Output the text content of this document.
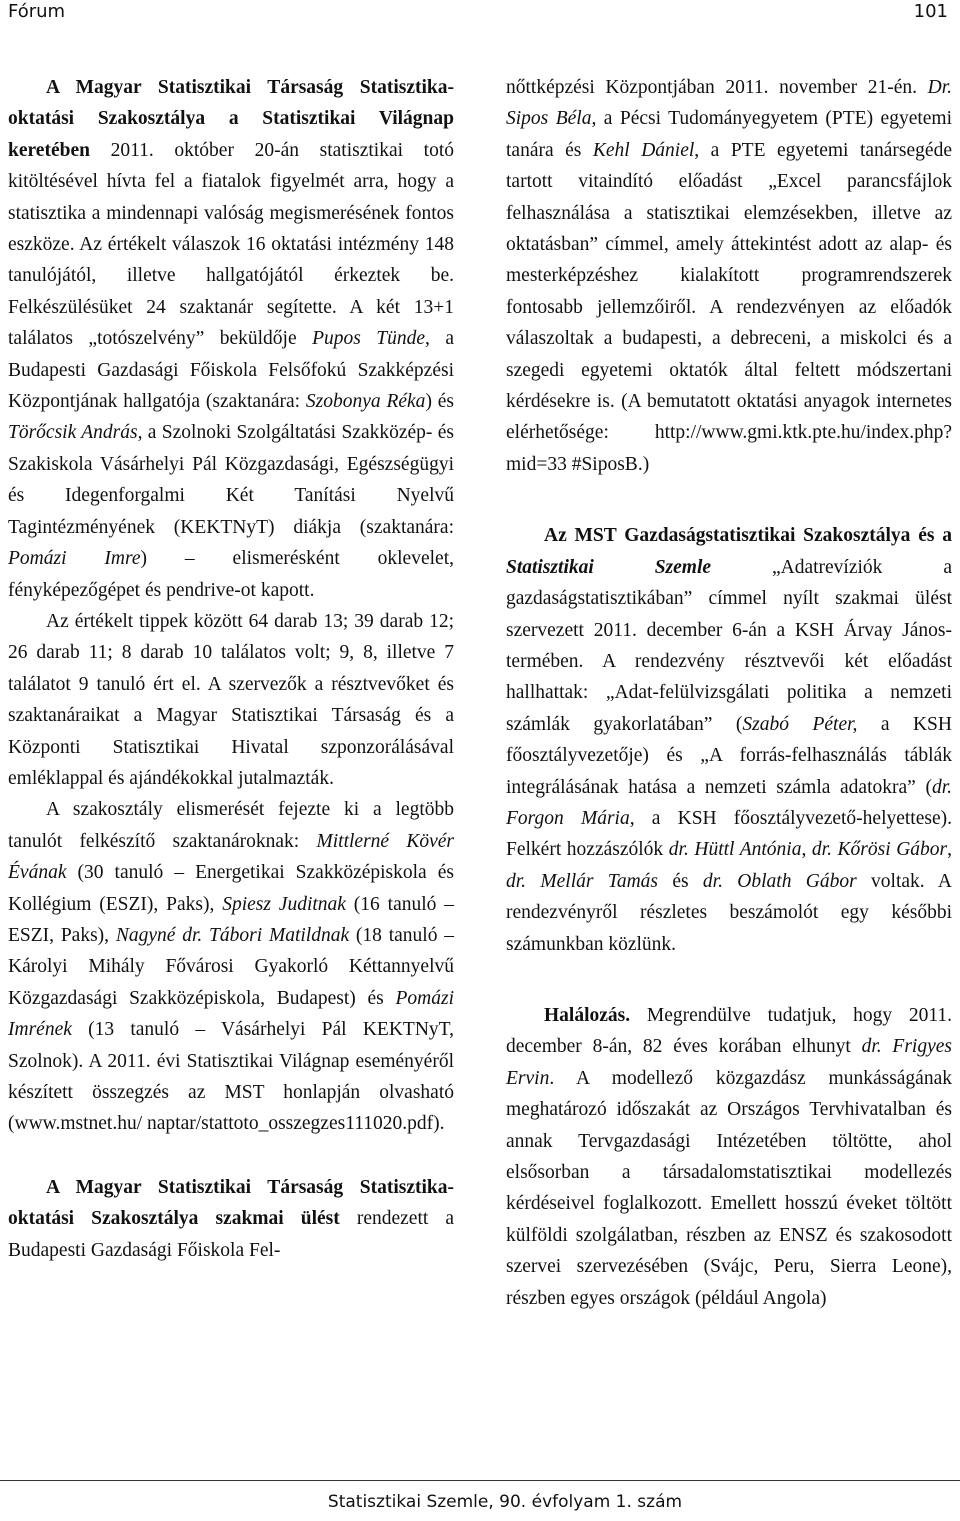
Fórum	101

A Magyar Statisztikai Társaság Statisztika-oktatási Szakosztálya a Statisztikai Világnap keretében 2011. október 20-án statisztikai totó kitöltésével hívta fel a fiatalok figyelmét arra, hogy a statisztika a mindennapi valóság megismerésének fontos eszköze. Az értékelt válaszok 16 oktatási intézmény 148 tanulójától, illetve hallgatójától érkeztek be. Felkészülésüket 24 szaktanár segítette. A két 13+1 találatos „totószelvény” beküldője Pupos Tünde, a Budapesti Gazdasági Főiskola Felsőfokú Szakképzési Központjának hallgatója (szaktanára: Szobonya Réka) és Törőcsik András, a Szolnoki Szolgáltatási Szakközép- és Szakiskola Vásárhelyi Pál Közgazdasági, Egészségügyi és Idegenforgalmi Két Tanítási Nyelvű Tagintézményének (KEKTNyT) diákja (szaktanára: Pomázi Imre) – elismerésként oklevelet, fényképezőgépet és pendrive-ot kapott.

Az értékelt tippek között 64 darab 13; 39 darab 12; 26 darab 11; 8 darab 10 találatos volt; 9, 8, illetve 7 találatot 9 tanuló ért el. A szervezők a résztvevőket és szaktanáraikat a Magyar Statisztikai Társaság és a Központi Statisztikai Hivatal szponzorálásával emléklappal és ajándékokkal jutalmazták.

A szakosztály elismerését fejezte ki a legtöbb tanulót felkészítő szaktanároknak: Mittlerné Kövér Évának (30 tanuló – Energetikai Szakközépiskola és Kollégium (ESZI), Paks), Spiesz Juditnak (16 tanuló – ESZI, Paks), Nagyné dr. Tábori Matildnak (18 tanuló – Károlyi Mihály Fővárosi Gyakorló Kéttannyelvű Közgazdasági Szakközépiskola, Budapest) és Pomázi Imrének (13 tanuló – Vásárhelyi Pál KEKTNyT, Szolnok). A 2011. évi Statisztikai Világnap eseményéről készített összegzés az MST honlapján olvasható (www.mstnet.hu/ naptar/stattoto_osszegzes111020.pdf).

A Magyar Statisztikai Társaság Statisztika-oktatási Szakosztálya szakmai ülést rendezett a Budapesti Gazdasági Főiskola Fel-

nőttképzési Központjában 2011. november 21-én. Dr. Sipos Béla, a Pécsi Tudományegyetem (PTE) egyetemi tanára és Kehl Dániel, a PTE egyetemi tanársegéde tartott vitaindító előadást „Excel parancsfájlok felhasználása a statisztikai elemzésekben, illetve az oktatásban” címmel, amely áttekintést adott az alap- és mesterképzéshez kialakított programrendszerek fontosabb jellemzőiről. A rendezvényen az előadók válaszoltak a budapesti, a debreceni, a miskolci és a szegedi egyetemi oktatók által feltett módszertani kérdésekre is. (A bemutatott oktatási anyagok internetes elérhetősége: http://www.gmi.ktk.pte.hu/index.php?mid=33 #SiposB.)

Az MST Gazdaságstatisztikai Szakosztálya és a Statisztikai Szemle „Adatrevíziók a gazdaságstatisztikában” címmel nyílt szakmai ülést szervezett 2011. december 6-án a KSH Árvay János-termében. A rendezvény résztvevői két előadást hallhattak: „Adat-felülvizsgálati politika a nemzeti számlák gyakorlatában” (Szabó Péter, a KSH főosztályvezetője) és „A forrás-felhasználás táblák integrálásának hatása a nemzeti számla adatokra” (dr. Forgon Mária, a KSH főosztályvezető-helyettese). Felkért hozzászólók dr. Hüttl Antónia, dr. Kőrösi Gábor, dr. Mellár Tamás és dr. Oblath Gábor voltak. A rendezvényről részletes beszámolót egy későbbi számunkban közlünk.

Halálozás. Megrendülve tudatjuk, hogy 2011. december 8-án, 82 éves korában elhunyt dr. Frigyes Ervin. A modellező közgazdász munkásságának meghatározó időszakát az Országos Tervhivatalban és annak Tervgazdasági Intézetében töltötte, ahol elsősorban a társadalomstatisztikai modellezés kérdéseivel foglalkozott. Emellett hosszú éveket töltött külföldi szolgálatban, részben az ENSZ és szakosodott szervei szervezésében (Svájc, Peru, Sierra Leone), részben egyes országok (például Angola)

Statisztikai Szemle, 90. évfolyam 1. szám
